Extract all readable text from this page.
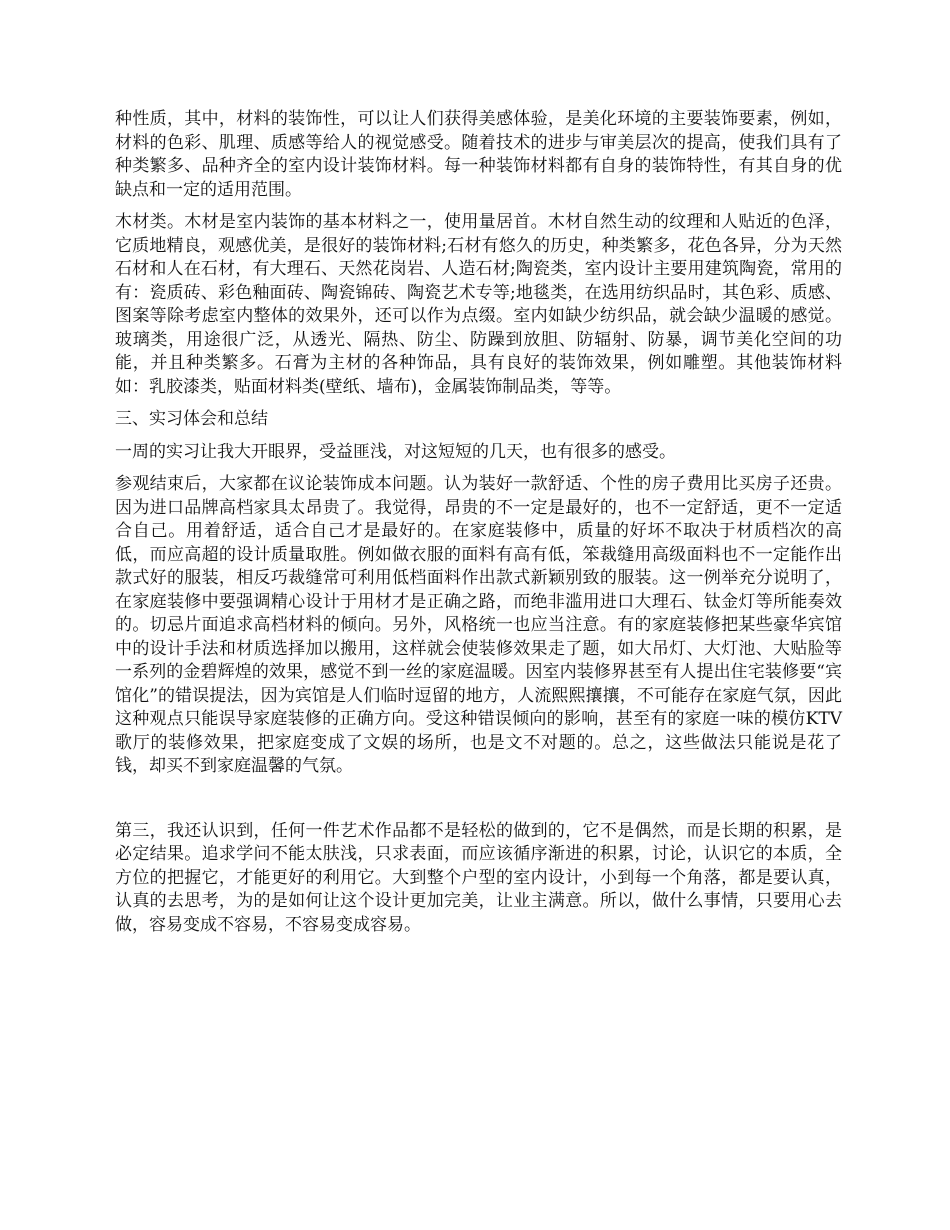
种性质，其中，材料的装饰性，可以让人们获得美感体验，是美化环境的主要装饰要素，例如，材料的色彩、肌理、质感等给人的视觉感受。随着技术的进步与审美层次的提高，使我们具有了种类繁多、品种齐全的室内设计装饰材料。每一种装饰材料都有自身的装饰特性，有其自身的优缺点和一定的适用范围。

木材类。木材是室内装饰的基本材料之一，使用量居首。木材自然生动的纹理和人贴近的色泽，它质地精良，观感优美，是很好的装饰材料;石材有悠久的历史，种类繁多，花色各异，分为天然石材和人在石材，有大理石、天然花岗岩、人造石材;陶瓷类，室内设计主要用建筑陶瓷，常用的有：瓷质砖、彩色釉面砖、陶瓷锦砖、陶瓷艺术专等;地毯类，在选用纺织品时，其色彩、质感、图案等除考虑室内整体的效果外，还可以作为点缀。室内如缺少纺织品，就会缺少温暖的感觉。玻璃类，用途很广泛，从透光、隔热、防尘、防躁到放胆、防辐射、防暴，调节美化空间的功能，并且种类繁多。石膏为主材的各种饰品，具有良好的装饰效果，例如雕塑。其他装饰材料如：乳胶漆类，贴面材料类(壁纸、墙布)，金属装饰制品类，等等。

三、实习体会和总结

一周的实习让我大开眼界，受益匪浅，对这短短的几天，也有很多的感受。

参观结束后，大家都在议论装饰成本问题。认为装好一款舒适、个性的房子费用比买房子还贵。因为进口品牌高档家具太昂贵了。我觉得，昂贵的不一定是最好的，也不一定舒适，更不一定适合自己。用着舒适，适合自己才是最好的。在家庭装修中，质量的好坏不取决于材质档次的高低，而应高超的设计质量取胜。例如做衣服的面料有高有低，笨裁缝用高级面料也不一定能作出款式好的服装，相反巧裁缝常可利用低档面料作出款式新颖别致的服装。这一例举充分说明了，在家庭装修中要强调精心设计于用材才是正确之路，而绝非滥用进口大理石、钛金灯等所能奏效的。切忌片面追求高档材料的倾向。另外，风格统一也应当注意。有的家庭装修把某些豪华宾馆中的设计手法和材质选择加以搬用，这样就会使装修效果走了题，如大吊灯、大灯池、大贴脸等一系列的金碧辉煌的效果，感觉不到一丝的家庭温暖。因室内装修界甚至有人提出住宅装修要“宾馆化”的错误提法，因为宾馆是人们临时逗留的地方，人流熙熙攘攘，不可能存在家庭气氛，因此这种观点只能误导家庭装修的正确方向。受这种错误倾向的影响，甚至有的家庭一味的模仿KTV歌厅的装修效果，把家庭变成了文娱的场所，也是文不对题的。总之，这些做法只能说是花了钱，却买不到家庭温馨的气氛。

第三，我还认识到，任何一件艺术作品都不是轻松的做到的，它不是偶然，而是长期的积累，是必定结果。追求学问不能太肤浅，只求表面，而应该循序渐进的积累，讨论，认识它的本质，全方位的把握它，才能更好的利用它。大到整个户型的室内设计，小到每一个角落，都是要认真，认真的去思考，为的是如何让这个设计更加完美，让业主满意。所以，做什么事情，只要用心去做，容易变成不容易，不容易变成容易。
